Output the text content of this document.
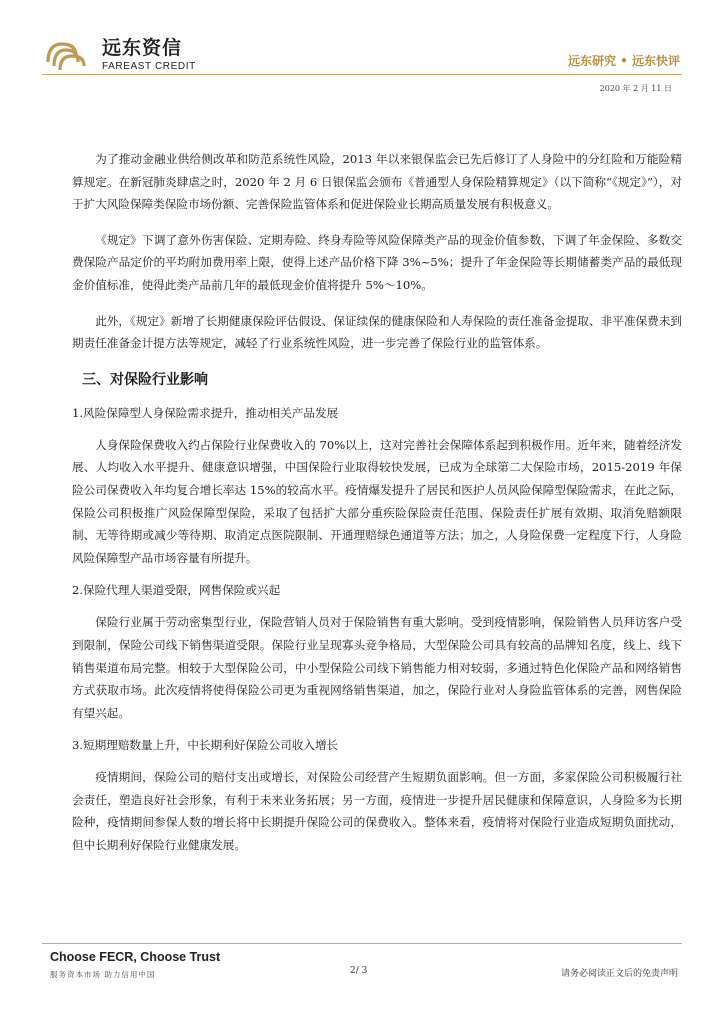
远东资信
FAREAST CREDIT	远东研究 • 远东快评
2020 年 2 月 11 日

为了推动金融业供给侧改革和防范系统性风险，2013 年以来银保监会已先后修订了人身险中的分红险和万能险精算规定。在新冠肺炎肆虐之时，2020 年 2 月 6 日银保监会颁布《普通型人身保险精算规定》（以下简称“《规定》”），对于扩大风险保障类保险市场份额、完善保险监管体系和促进保险业长期高质量发展有积极意义。

《规定》下调了意外伤害保险、定期寿险、终身寿险等风险保障类产品的现金价值参数，下调了年金保险、多数交费保险产品定价的平均附加费用率上限，使得上述产品价格下降 3%~5%；提升了年金保险等长期储蓄类产品的最低现金价值标准，使得此类产品前几年的最低现金价值将提升 5%～10%。

此外，《规定》新增了长期健康保险评估假设、保证续保的健康保险和人寿保险的责任准备金提取、非平准保费未到期责任准备金计提方法等规定，减轻了行业系统性风险，进一步完善了保险行业的监管体系。

三、对保险行业影响

1.风险保障型人身保险需求提升，推动相关产品发展

人身保险保费收入约占保险行业保费收入的 70%以上，这对完善社会保障体系起到积极作用。近年来，随着经济发展、人均收入水平提升、健康意识增强，中国保险行业取得较快发展，已成为全球第二大保险市场，2015-2019 年保险公司保费收入年均复合增长率达 15%的较高水平。疫情爆发提升了居民和医护人员风险保障型保险需求，在此之际，保险公司积极推广风险保障型保险，采取了包括扩大部分重疾险保险责任范围、保险责任扩展有效期、取消免赔额限制、无等待期或减少等待期、取消定点医院限制、开通理赔绿色通道等方法；加之，人身险保费一定程度下行，人身险风险保障型产品市场容量有所提升。

2.保险代理人渠道受限，网售保险或兴起

保险行业属于劳动密集型行业，保险营销人员对于保险销售有重大影响。受到疫情影响，保险销售人员拜访客户受到限制，保险公司线下销售渠道受限。保险行业呈现寡头竞争格局，大型保险公司具有较高的品牌知名度，线上、线下销售渠道布局完整。相较于大型保险公司，中小型保险公司线下销售能力相对较弱，多通过特色化保险产品和网络销售方式获取市场。此次疫情将使得保险公司更为重视网络销售渠道，加之，保险行业对人身险监管体系的完善，网售保险有望兴起。

3.短期理赔数量上升，中长期利好保险公司收入增长

疫情期间，保险公司的赔付支出或增长，对保险公司经营产生短期负面影响。但一方面，多家保险公司积极履行社会责任，塑造良好社会形象，有利于未来业务拓展；另一方面，疫情进一步提升居民健康和保障意识，人身险多为长期险种，疫情期间参保人数的增长将中长期提升保险公司的保费收入。整体来看，疫情将对保险行业造成短期负面扰动，但中长期利好保险行业健康发展。

Choose FECR, Choose Trust
服务资本市场 助力信用中国	2/ 3	请务必阅读正文后的免责声明
